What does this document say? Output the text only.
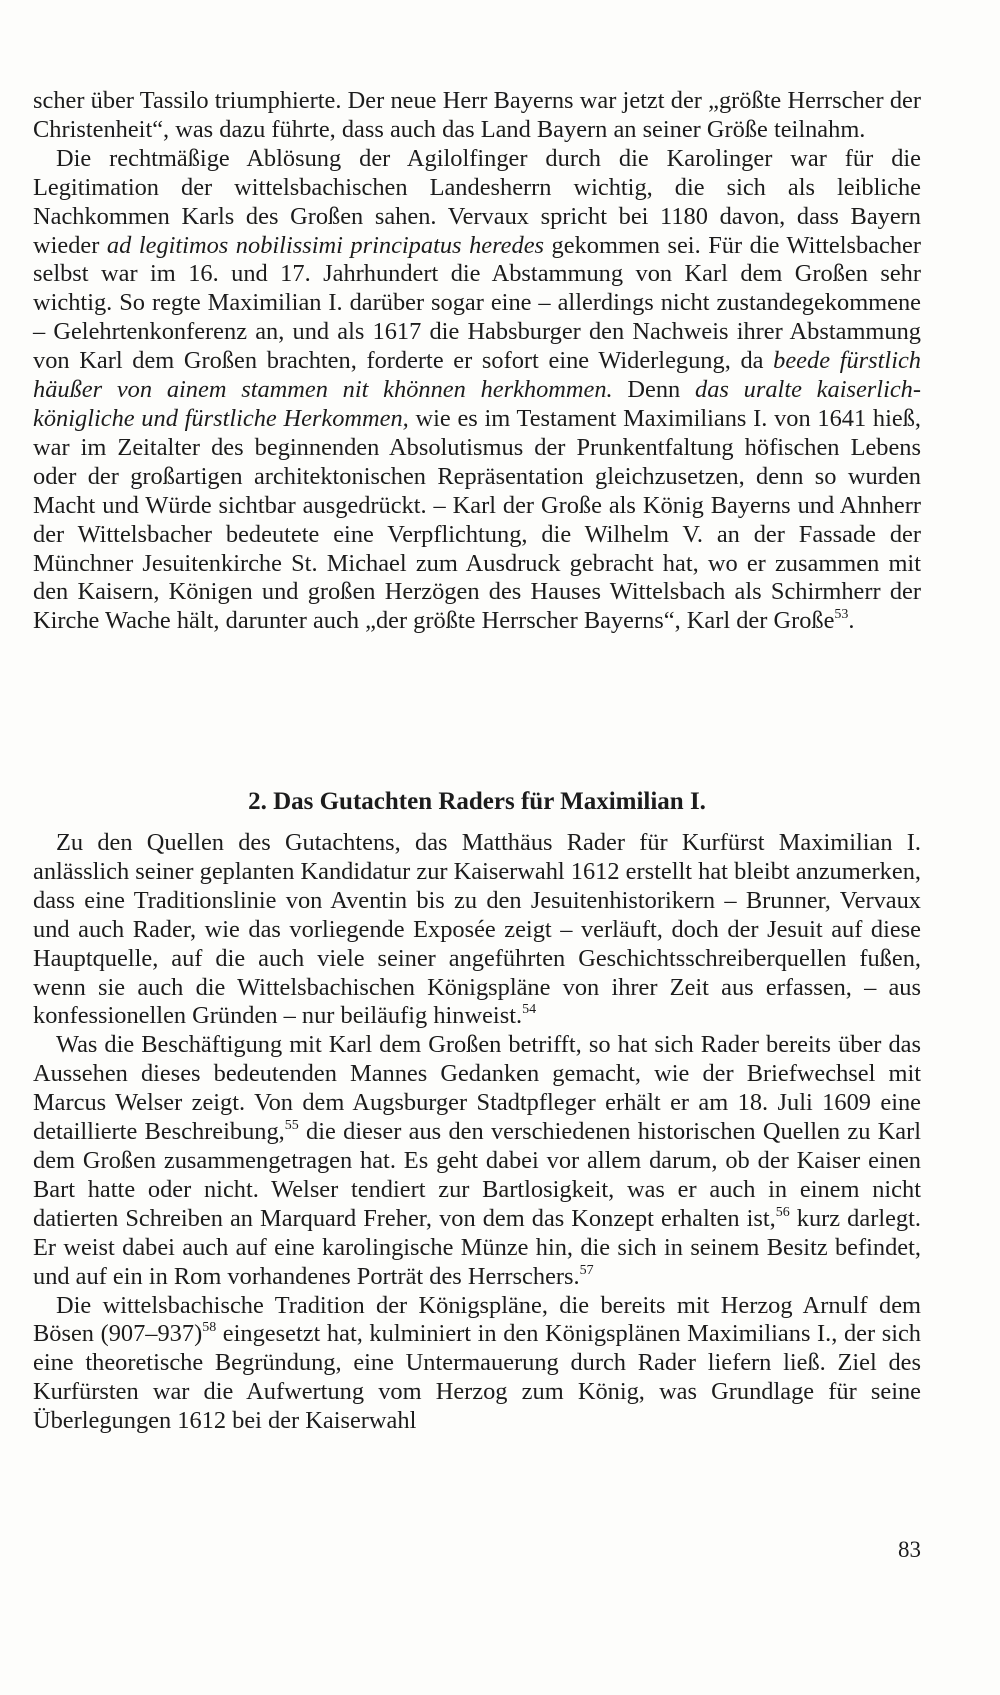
scher über Tassilo triumphierte. Der neue Herr Bayerns war jetzt der „größte Herrscher der Christenheit“, was dazu führte, dass auch das Land Bayern an seiner Größe teilnahm.

Die rechtmäßige Ablösung der Agilolfinger durch die Karolinger war für die Legitimation der wittelsbachischen Landesherrn wichtig, die sich als leibliche Nachkommen Karls des Großen sahen. Vervaux spricht bei 1180 davon, dass Bayern wieder ad legitimos nobilissimi principatus heredes gekommen sei. Für die Wittelsbacher selbst war im 16. und 17. Jahrhundert die Abstammung von Karl dem Großen sehr wichtig. So regte Maximilian I. darüber sogar eine – allerdings nicht zustandegekommene – Gelehrtenkonferenz an, und als 1617 die Habsburger den Nachweis ihrer Abstammung von Karl dem Großen brachten, forderte er sofort eine Widerlegung, da beede fürstlich häußer von ainem stammen nit khönnen herkhommen. Denn das uralte kaiserlich-königliche und fürstliche Herkommen, wie es im Testament Maximilians I. von 1641 hieß, war im Zeitalter des beginnenden Absolutismus der Prunkentfaltung höfischen Lebens oder der großartigen architektonischen Repräsentation gleichzusetzen, denn so wurden Macht und Würde sichtbar ausgedrückt. – Karl der Große als König Bayerns und Ahnherr der Wittelsbacher bedeutete eine Verpflichtung, die Wilhelm V. an der Fassade der Münchner Jesuitenkirche St. Michael zum Ausdruck gebracht hat, wo er zusammen mit den Kaisern, Königen und großen Herzögen des Hauses Wittelsbach als Schirmherr der Kirche Wache hält, darunter auch „der größte Herrscher Bayerns“, Karl der Große$^{53}$.

2. Das Gutachten Raders für Maximilian I.

Zu den Quellen des Gutachtens, das Matthäus Rader für Kurfürst Maximilian I. anlässlich seiner geplanten Kandidatur zur Kaiserwahl 1612 erstellt hat bleibt anzumerken, dass eine Traditionslinie von Aventin bis zu den Jesuitenhistorikern – Brunner, Vervaux und auch Rader, wie das vorliegende Exposée zeigt – verläuft, doch der Jesuit auf diese Hauptquelle, auf die auch viele seiner angeführten Geschichtsschreiberquellen fußen, wenn sie auch die Wittelsbachischen Königspläne von ihrer Zeit aus erfassen, – aus konfessionellen Gründen – nur beiläufig hinweist.$^{54}$

Was die Beschäftigung mit Karl dem Großen betrifft, so hat sich Rader bereits über das Aussehen dieses bedeutenden Mannes Gedanken gemacht, wie der Briefwechsel mit Marcus Welser zeigt. Von dem Augsburger Stadtpfleger erhält er am 18. Juli 1609 eine detaillierte Beschreibung,$^{55}$ die dieser aus den verschiedenen historischen Quellen zu Karl dem Großen zusammengetragen hat. Es geht dabei vor allem darum, ob der Kaiser einen Bart hatte oder nicht. Welser tendiert zur Bartlosigkeit, was er auch in einem nicht datierten Schreiben an Marquard Freher, von dem das Konzept erhalten ist,$^{56}$ kurz darlegt. Er weist dabei auch auf eine karolingische Münze hin, die sich in seinem Besitz befindet, und auf ein in Rom vorhandenes Porträt des Herrschers.$^{57}$

Die wittelsbachische Tradition der Königspläne, die bereits mit Herzog Arnulf dem Bösen $(907-937)^{58}$ eingesetzt hat, kulminiert in den Königsplänen Maximilians I., der sich eine theoretische Begründung, eine Untermauerung durch Rader liefern ließ. Ziel des Kurfürsten war die Aufwertung vom Herzog zum König, was Grundlage für seine Überlegungen 1612 bei der Kaiserwahl

83
